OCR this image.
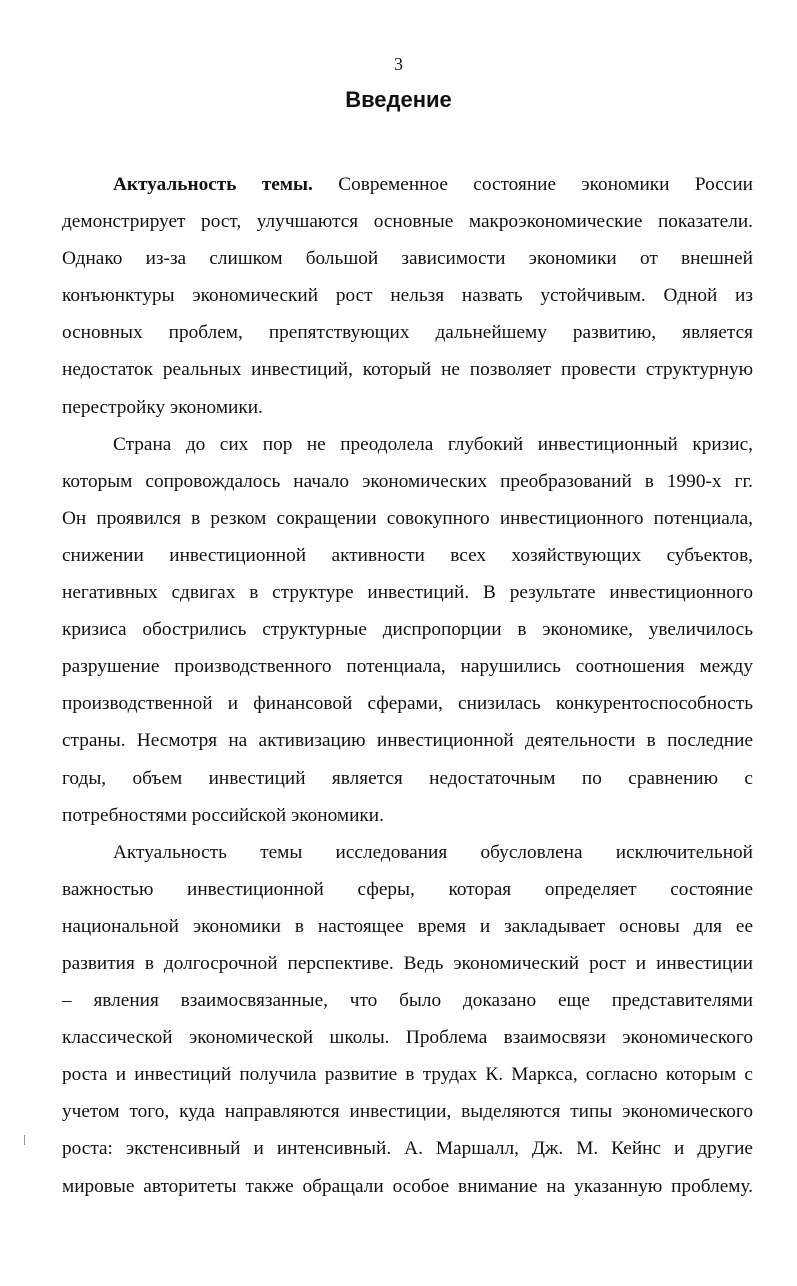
3
Введение
Актуальность темы. Современное состояние экономики России
демонстрирует рост, улучшаются основные макроэкономические показатели.
Однако из-за слишком большой зависимости экономики от внешней
конъюнктуры экономический рост нельзя назвать устойчивым. Одной из
основных проблем, препятствующих дальнейшему развитию, является
недостаток реальных инвестиций, который не позволяет провести структурную
перестройку экономики.
Страна до сих пор не преодолела глубокий инвестиционный кризис,
которым сопровождалось начало экономических преобразований в 1990-х гг.
Он проявился в резком сокращении совокупного инвестиционного потенциала,
снижении инвестиционной активности всех хозяйствующих субъектов,
негативных сдвигах в структуре инвестиций. В результате инвестиционного
кризиса обострились структурные диспропорции в экономике, увеличилось
разрушение производственного потенциала, нарушились соотношения между
производственной и финансовой сферами, снизилась конкурентоспособность
страны. Несмотря на активизацию инвестиционной деятельности в последние
годы, объем инвестиций является недостаточным по сравнению с
потребностями российской экономики.
Актуальность темы исследования обусловлена исключительной
важностью инвестиционной сферы, которая определяет состояние
национальной экономики в настоящее время и закладывает основы для ее
развития в долгосрочной перспективе. Ведь экономический рост и инвестиции
– явления взаимосвязанные, что было доказано еще представителями
классической экономической школы. Проблема взаимосвязи экономического
роста и инвестиций получила развитие в трудах К. Маркса, согласно которым с
учетом того, куда направляются инвестиции, выделяются типы экономического
роста: экстенсивный и интенсивный. А. Маршалл, Дж. М. Кейнс и другие
мировые авторитеты также обращали особое внимание на указанную проблему.
